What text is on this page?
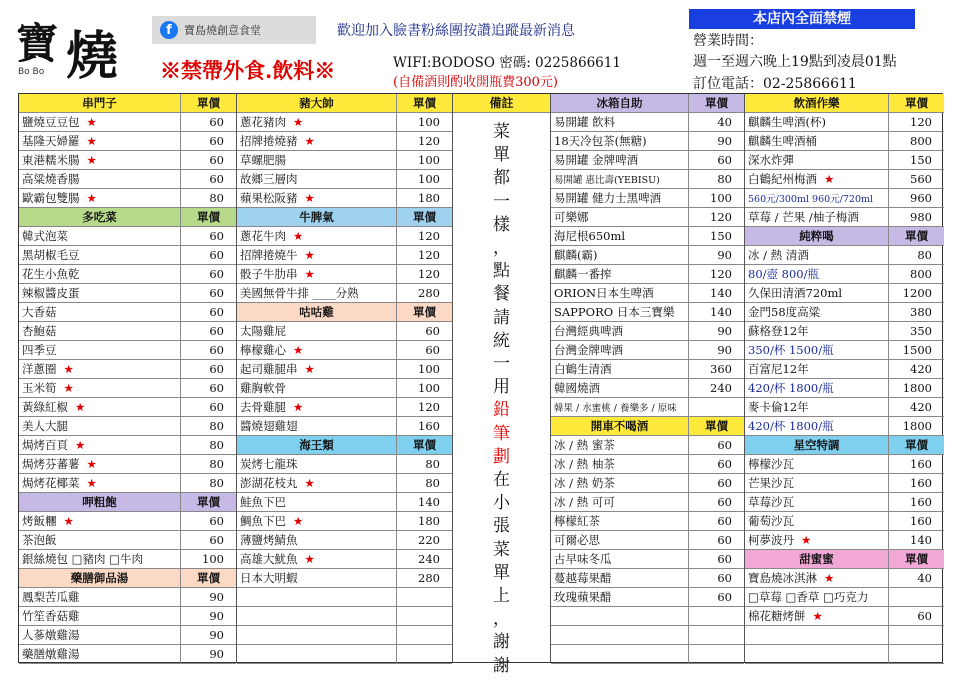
寶 燒
Bo Bo
f	寶島燒創意食堂	歡迎加入臉書粉絲團按讚追蹤最新消息
※禁帶外食.飲料※	WIFI:BODOSO 密碼: 0225866611
(自備酒則酌收開瓶費300元)
本店內全面禁煙
營業時間：
週一至週六晚上19點到凌晨01點
訂位電話：02-25866611
串門子	單價
鹽燒豆豆包 ★	60
基隆天婦羅 ★	60
東港糯米腸 ★	60
高粱燒香腸	60
歐霸包雙腸 ★	80
多吃菜	單價
韓式泡菜	60
黑胡椒毛豆	60
花生小魚乾	60
辣椒醬皮蛋	60
大香菇	60
杏鮑菇	60
四季豆	60
洋蔥圈 ★	60
玉米筍 ★	60
黃綠紅椒 ★	60
美人大腿	80
焗烤百頁 ★	80
焗烤芬蕃薯 ★	80
焗烤花椰菜 ★	80
呷粗飽	單價
烤飯糰 ★	60
茶泡飯	60
銀絲燒包 □豬肉 □牛肉	100
藥膳御品湯	單價
鳳梨苦瓜雞	90
竹笙香菇雞	90
人蔘燉雞湯	90
藥膳燉雞湯	90
豬大帥	單價
蔥花豬肉 ★	100
招牌捲燒豬 ★	120
草螺肥腸	100
故鄉三層肉	100
蘋果松阪豬 ★	180
牛脾氣	單價
蔥花牛肉 ★	120
招牌捲燒牛 ★	120
骰子牛肋串 ★	120
美國無骨牛排 ____分熟	280
咕咕雞	單價
太陽雞屁	60
檸檬雞心 ★	60
起司雞腿串 ★	100
雞胸軟骨	100
去骨雞腿 ★	120
醬燒翅雞翅	160
海王類	單價
炭烤七龍珠	80
澎湖花枝丸 ★	80
鮭魚下巴	140
鯛魚下巴 ★	180
薄鹽烤鯖魚	220
高雄大魷魚 ★	240
日本大明蝦	280
備註
菜
單
都
一
樣
，
點
餐
請
統
一
用
鉛
筆
劃
在
小
張
菜
單
上
，
謝
謝
冰箱自助	單價
易開罐 飲料	40
18天冷包茶(無糖)	90
易開罐 金牌啤酒	60
易開罐 惠比壽(YEBISU)	80
易開罐 健力士黑啤酒	100
可樂娜	120
海尼根650ml	150
麒麟(霸)	90
麒麟一番搾	120
ORION日本生啤酒	140
SAPPORO 日本三寶樂	140
台灣經典啤酒	90
台灣金牌啤酒	90
白鶴生清酒	360
韓國燒酒	240
韓果 / 水蜜桃 / 養樂多 / 原味
開車不喝酒	單價
冰 / 熱 蜜茶	60
冰 / 熱 柚茶	60
冰 / 熱 奶茶	60
冰 / 熱 可可	60
檸檬紅茶	60
可爾必思	60
古早味冬瓜	60
蔓越莓果醋	60
玫瑰蘋果醋	60
飲酒作樂	單價
麒麟生啤酒(杯)	120
麒麟生啤酒桶	800
深水炸彈	150
白鶴紀州梅酒 ★	560
560元/300ml 960元/720ml	960
草莓 / 芒果 /柚子梅酒	980
純粹喝	單價
冰 / 熱 清酒	80
80/壺 800/瓶	800
久保田清酒720ml	1200
金門58度高粱	380
蘇格登12年	350
350/杯 1500/瓶	1500
百富尼12年	420
420/杯 1800/瓶	1800
麥卡倫12年	420
420/杯 1800/瓶	1800
星空特調	單價
檸檬沙瓦	160
芒果沙瓦	160
草莓沙瓦	160
葡萄沙瓦	160
柯夢波丹 ★	140
甜蜜蜜	單價
寶島燒冰淇淋 ★	40
□草莓 □香草 □巧克力
棉花糖烤餅 ★	60
